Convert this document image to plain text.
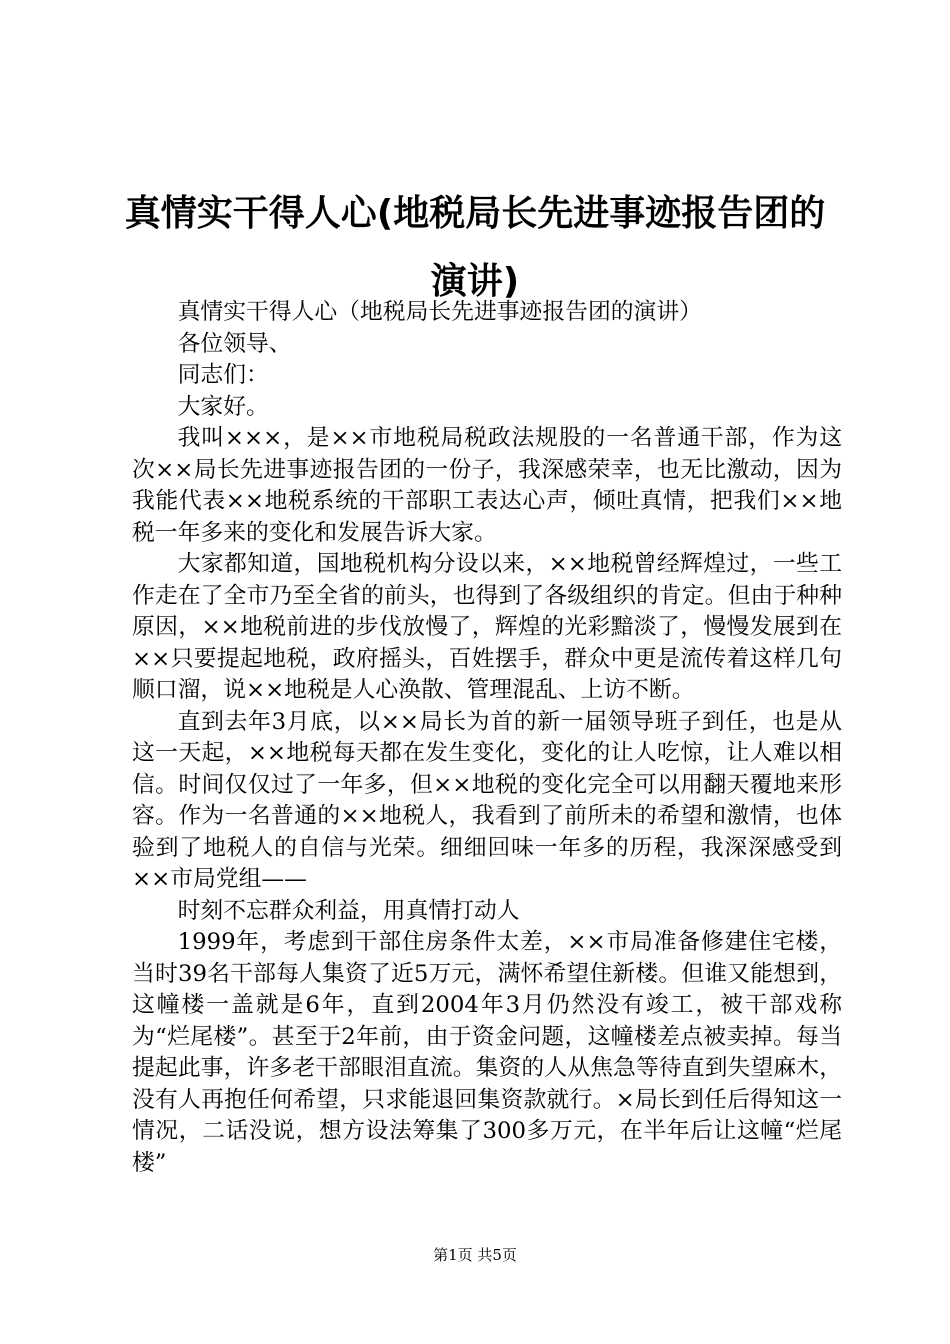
真情实干得人心(地税局长先进事迹报告团的演讲)

真情实干得人心（地税局长先进事迹报告团的演讲）

各位领导、

同志们：

大家好。

我叫×××，是××市地税局税政法规股的一名普通干部，作为这次××局长先进事迹报告团的一份子，我深感荣幸，也无比激动，因为我能代表××地税系统的干部职工表达心声，倾吐真情，把我们××地税一年多来的变化和发展告诉大家。

大家都知道，国地税机构分设以来，××地税曾经辉煌过，一些工作走在了全市乃至全省的前头，也得到了各级组织的肯定。但由于种种原因，××地税前进的步伐放慢了，辉煌的光彩黯淡了，慢慢发展到在××只要提起地税，政府摇头，百姓摆手，群众中更是流传着这样几句顺口溜，说××地税是人心涣散、管理混乱、上访不断。

直到去年3月底，以××局长为首的新一届领导班子到任，也是从这一天起，××地税每天都在发生变化，变化的让人吃惊，让人难以相信。时间仅仅过了一年多，但××地税的变化完全可以用翻天覆地来形容。作为一名普通的××地税人，我看到了前所未的希望和激情，也体验到了地税人的自信与光荣。细细回味一年多的历程，我深深感受到××市局党组——

时刻不忘群众利益，用真情打动人

1999年，考虑到干部住房条件太差，××市局准备修建住宅楼，当时39名干部每人集资了近5万元，满怀希望住新楼。但谁又能想到，这幢楼一盖就是6年，直到2004年3月仍然没有竣工，被干部戏称为“烂尾楼”。甚至于2年前，由于资金问题，这幢楼差点被卖掉。每当提起此事，许多老干部眼泪直流。集资的人从焦急等待直到失望麻木，没有人再抱任何希望，只求能退回集资款就行。×局长到任后得知这一情况，二话没说，想方设法筹集了300多万元，在半年后让这幢“烂尾楼”

第1页 共5页
